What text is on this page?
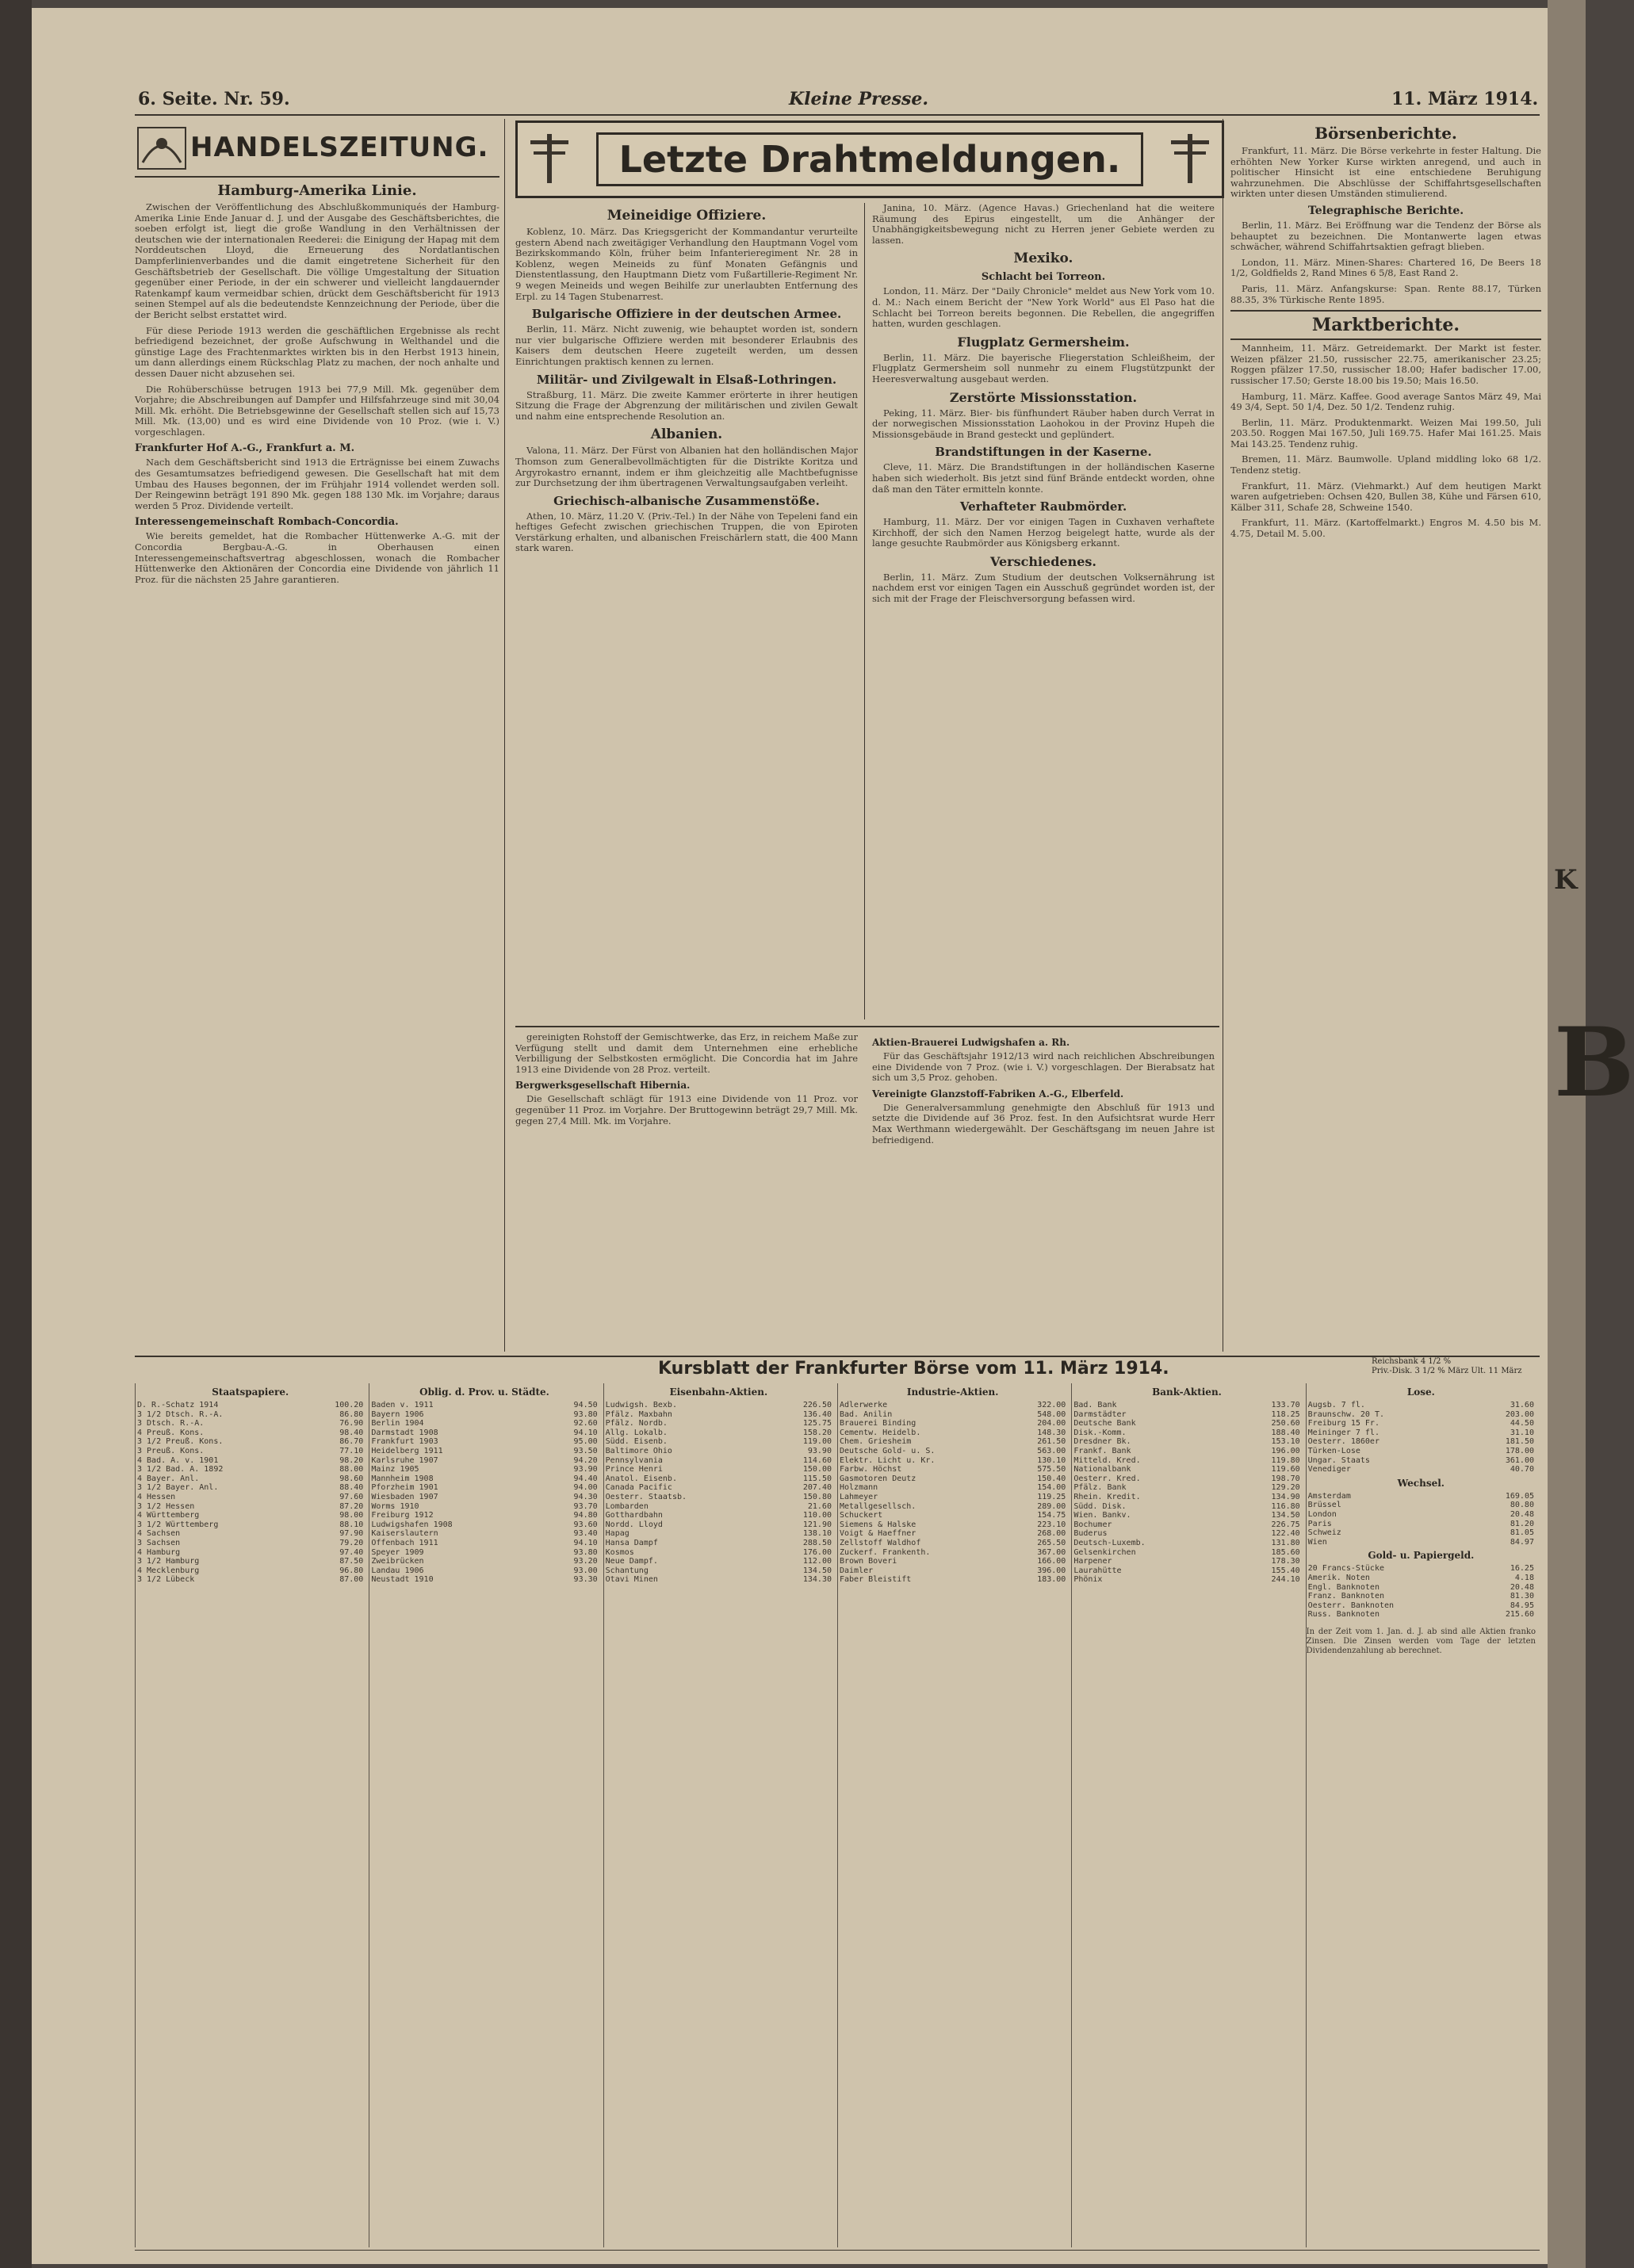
K
B
6. Seite. Nr. 59.	Kleine Presse.	11. März 1914.
HANDELSZEITUNG.
Hamburg-Amerika Linie.

Zwischen der Veröffentlichung des Abschlußkommuniqués der Hamburg-Amerika Linie Ende Januar d. J. und der Ausgabe des Geschäftsberichtes, die soeben erfolgt ist, liegt die große Wandlung in den Verhältnissen der deutschen wie der internationalen Reederei: die Einigung der Hapag mit dem Norddeutschen Lloyd, die Erneuerung des Nordatlantischen Dampferlinienverbandes und die damit eingetretene Sicherheit für den Geschäftsbetrieb der Gesellschaft. Die völlige Umgestaltung der Situation gegenüber einer Periode, in der ein schwerer und vielleicht langdauernder Ratenkampf kaum vermeidbar schien, drückt dem Geschäftsbericht für 1913 seinen Stempel auf als die bedeutendste Kennzeichnung der Periode, über die der Bericht selbst erstattet wird.

Für diese Periode 1913 werden die geschäftlichen Ergebnisse als recht befriedigend bezeichnet, der große Aufschwung in Welthandel und die günstige Lage des Frachtenmarktes wirkten bis in den Herbst 1913 hinein, um dann allerdings einem Rückschlag Platz zu machen, der noch anhalte und dessen Dauer nicht abzusehen sei.

Die Rohüberschüsse betrugen 1913 bei 77,9 Mill. Mk. gegenüber dem Vorjahre; die Abschreibungen auf Dampfer und Hilfsfahrzeuge sind mit 30,04 Mill. Mk. erhöht. Die Betriebsgewinne der Gesellschaft stellen sich auf 15,73 Mill. Mk. (13,00) und es wird eine Dividende von 10 Proz. (wie i. V.) vorgeschlagen.

Frankfurter Hof A.-G., Frankfurt a. M.

Nach dem Geschäftsbericht sind 1913 die Erträgnisse bei einem Zuwachs des Gesamtumsatzes befriedigend gewesen. Die Gesellschaft hat mit dem Umbau des Hauses begonnen, der im Frühjahr 1914 vollendet werden soll. Der Reingewinn beträgt 191 890 Mk. gegen 188 130 Mk. im Vorjahre; daraus werden 5 Proz. Dividende verteilt.

Interessengemeinschaft Rombach-Concordia.

Wie bereits gemeldet, hat die Rombacher Hüttenwerke A.-G. mit der Concordia Bergbau-A.-G. in Oberhausen einen Interessengemeinschaftsvertrag abgeschlossen, wonach die Rombacher Hüttenwerke den Aktionären der Concordia eine Dividende von jährlich 11 Proz. für die nächsten 25 Jahre garantieren.

Letzte Drahtmeldungen.
Meineidige Offiziere.

Koblenz, 10. März. Das Kriegsgericht der Kommandantur verurteilte gestern Abend nach zweitägiger Verhandlung den Hauptmann Vogel vom Bezirkskommando Köln, früher beim Infanterieregiment Nr. 28 in Koblenz, wegen Meineids zu fünf Monaten Gefängnis und Dienstentlassung, den Hauptmann Dietz vom Fußartillerie-Regiment Nr. 9 wegen Meineids und wegen Beihilfe zur unerlaubten Entfernung des Erpl. zu 14 Tagen Stubenarrest.

Bulgarische Offiziere in der deutschen Armee.

Berlin, 11. März. Nicht zuwenig, wie behauptet worden ist, sondern nur vier bulgarische Offiziere werden mit besonderer Erlaubnis des Kaisers dem deutschen Heere zugeteilt werden, um dessen Einrichtungen praktisch kennen zu lernen.

Militär- und Zivilgewalt in Elsaß-Lothringen.

Straßburg, 11. März. Die zweite Kammer erörterte in ihrer heutigen Sitzung die Frage der Abgrenzung der militärischen und zivilen Gewalt und nahm eine entsprechende Resolution an.

Albanien.

Valona, 11. März. Der Fürst von Albanien hat den holländischen Major Thomson zum Generalbevollmächtigten für die Distrikte Koritza und Argyrokastro ernannt, indem er ihm gleichzeitig alle Machtbefugnisse zur Durchsetzung der ihm übertragenen Verwaltungsaufgaben verleiht.

Griechisch-albanische Zusammenstöße.

Athen, 10. März, 11.20 V. (Priv.-Tel.) In der Nähe von Tepeleni fand ein heftiges Gefecht zwischen griechischen Truppen, die von Epiroten Verstärkung erhalten, und albanischen Freischärlern statt, die 400 Mann stark waren.

Janina, 10. März. (Agence Havas.) Griechenland hat die weitere Räumung des Epirus eingestellt, um die Anhänger der Unabhängigkeitsbewegung nicht zu Herren jener Gebiete werden zu lassen.

Mexiko.
Schlacht bei Torreon.

London, 11. März. Der "Daily Chronicle" meldet aus New York vom 10. d. M.: Nach einem Bericht der "New York World" aus El Paso hat die Schlacht bei Torreon bereits begonnen. Die Rebellen, die angegriffen hatten, wurden geschlagen.

Flugplatz Germersheim.

Berlin, 11. März. Die bayerische Fliegerstation Schleißheim, der Flugplatz Germersheim soll nunmehr zu einem Flugstützpunkt der Heeresverwaltung ausgebaut werden.

Zerstörte Missionsstation.

Peking, 11. März. Bier- bis fünfhundert Räuber haben durch Verrat in der norwegischen Missionsstation Laohokou in der Provinz Hupeh die Missionsgebäude in Brand gesteckt und geplündert.

Brandstiftungen in der Kaserne.

Cleve, 11. März. Die Brandstiftungen in der holländischen Kaserne haben sich wiederholt. Bis jetzt sind fünf Brände entdeckt worden, ohne daß man den Täter ermitteln konnte.

Verhafteter Raubmörder.

Hamburg, 11. März. Der vor einigen Tagen in Cuxhaven verhaftete Kirchhoff, der sich den Namen Herzog beigelegt hatte, wurde als der lange gesuchte Raubmörder aus Königsberg erkannt.

Verschiedenes.

Berlin, 11. März. Zum Studium der deutschen Volksernährung ist nachdem erst vor einigen Tagen ein Ausschuß gegründet worden ist, der sich mit der Frage der Fleischversorgung befassen wird.

gereinigten Rohstoff der Gemischtwerke, das Erz, in reichem Maße zur Verfügung stellt und damit dem Unternehmen eine erhebliche Verbilligung der Selbstkosten ermöglicht. Die Concordia hat im Jahre 1913 eine Dividende von 28 Proz. verteilt.

Bergwerksgesellschaft Hibernia.

Die Gesellschaft schlägt für 1913 eine Dividende von 11 Proz. vor gegenüber 11 Proz. im Vorjahre. Der Bruttogewinn beträgt 29,7 Mill. Mk. gegen 27,4 Mill. Mk. im Vorjahre.

Aktien-Brauerei Ludwigshafen a. Rh.

Für das Geschäftsjahr 1912/13 wird nach reichlichen Abschreibungen eine Dividende von 7 Proz. (wie i. V.) vorgeschlagen. Der Bierabsatz hat sich um 3,5 Proz. gehoben.

Vereinigte Glanzstoff-Fabriken A.-G., Elberfeld.

Die Generalversammlung genehmigte den Abschluß für 1913 und setzte die Dividende auf 36 Proz. fest. In den Aufsichtsrat wurde Herr Max Werthmann wiedergewählt. Der Geschäftsgang im neuen Jahre ist befriedigend.

Börsenberichte.

Frankfurt, 11. März. Die Börse verkehrte in fester Haltung. Die erhöhten New Yorker Kurse wirkten anregend, und auch in politischer Hinsicht ist eine entschiedene Beruhigung wahrzunehmen. Die Abschlüsse der Schiffahrtsgesellschaften wirkten unter diesen Umständen stimulierend.

Telegraphische Berichte.

Berlin, 11. März. Bei Eröffnung war die Tendenz der Börse als behauptet zu bezeichnen. Die Montanwerte lagen etwas schwächer, während Schiffahrtsaktien gefragt blieben.

London, 11. März. Minen-Shares: Chartered 16, De Beers 18 1/2, Goldfields 2, Rand Mines 6 5/8, East Rand 2.

Paris, 11. März. Anfangskurse: Span. Rente 88.17, Türken 88.35, 3% Türkische Rente 1895.

Marktberichte.

Mannheim, 11. März. Getreidemarkt. Der Markt ist fester. Weizen pfälzer 21.50, russischer 22.75, amerikanischer 23.25; Roggen pfälzer 17.50, russischer 18.00; Hafer badischer 17.00, russischer 17.50; Gerste 18.00 bis 19.50; Mais 16.50.

Hamburg, 11. März. Kaffee. Good average Santos März 49, Mai 49 3/4, Sept. 50 1/4, Dez. 50 1/2. Tendenz ruhig.

Berlin, 11. März. Produktenmarkt. Weizen Mai 199.50, Juli 203.50. Roggen Mai 167.50, Juli 169.75. Hafer Mai 161.25. Mais Mai 143.25. Tendenz ruhig.

Bremen, 11. März. Baumwolle. Upland middling loko 68 1/2. Tendenz stetig.

Frankfurt, 11. März. (Viehmarkt.) Auf dem heutigen Markt waren aufgetrieben: Ochsen 420, Bullen 38, Kühe und Färsen 610, Kälber 311, Schafe 28, Schweine 1540.

Frankfurt, 11. März. (Kartoffelmarkt.) Engros M. 4.50 bis M. 4.75, Detail M. 5.00.

Kursblatt der Frankfurter Börse vom 11. März 1914.	Reichsbank 4 1/2 %
Priv.-Disk. 3 1/2 % März Ult. 11 März
Staatspapiere.
D. R.-Schatz 1914	100.20
3 1/2 Dtsch. R.-A.	86.80
3 Dtsch. R.-A.	76.90
4 Preuß. Kons.	98.40
3 1/2 Preuß. Kons.	86.70
3 Preuß. Kons.	77.10
4 Bad. A. v. 1901	98.20
3 1/2 Bad. A. 1892	88.00
4 Bayer. Anl.	98.60
3 1/2 Bayer. Anl.	88.40
4 Hessen	97.60
3 1/2 Hessen	87.20
4 Württemberg	98.00
3 1/2 Württemberg	88.10
4 Sachsen	97.90
3 Sachsen	79.20
4 Hamburg	97.40
3 1/2 Hamburg	87.50
4 Mecklenburg	96.80
3 1/2 Lübeck	87.00
Oblig. d. Prov. u. Städte.
Baden v. 1911	94.50
Bayern 1906	93.80
Berlin 1904	92.60
Darmstadt 1908	94.10
Frankfurt 1903	95.00
Heidelberg 1911	93.50
Karlsruhe 1907	94.20
Mainz 1905	93.90
Mannheim 1908	94.40
Pforzheim 1901	94.00
Wiesbaden 1907	94.30
Worms 1910	93.70
Freiburg 1912	94.80
Ludwigshafen 1908	93.60
Kaiserslautern	93.40
Offenbach 1911	94.10
Speyer 1909	93.80
Zweibrücken	93.20
Landau 1906	93.00
Neustadt 1910	93.30
Eisenbahn-Aktien.
Ludwigsh. Bexb.	226.50
Pfälz. Maxbahn	136.40
Pfälz. Nordb.	125.75
Allg. Lokalb.	158.20
Südd. Eisenb.	119.00
Baltimore Ohio	93.90
Pennsylvania	114.60
Prince Henri	150.00
Anatol. Eisenb.	115.50
Canada Pacific	207.40
Oesterr. Staatsb.	150.80
Lombarden	21.60
Gotthardbahn	110.00
Nordd. Lloyd	121.90
Hapag	138.10
Hansa Dampf	288.50
Kosmos	176.00
Neue Dampf.	112.00
Schantung	134.50
Otavi Minen	134.30
Industrie-Aktien.
Adlerwerke	322.00
Bad. Anilin	548.00
Brauerei Binding	204.00
Cementw. Heidelb.	148.30
Chem. Griesheim	261.50
Deutsche Gold- u. S.	563.00
Elektr. Licht u. Kr.	130.10
Farbw. Höchst	575.50
Gasmotoren Deutz	150.40
Holzmann	154.00
Lahmeyer	119.25
Metallgesellsch.	289.00
Schuckert	154.75
Siemens & Halske	223.10
Voigt & Haeffner	268.00
Zellstoff Waldhof	265.50
Zuckerf. Frankenth.	367.00
Brown Boveri	166.00
Daimler	396.00
Faber Bleistift	183.00
Bank-Aktien.
Bad. Bank	133.70
Darmstädter	118.25
Deutsche Bank	250.60
Disk.-Komm.	188.40
Dresdner Bk.	153.10
Frankf. Bank	196.00
Mitteld. Kred.	119.80
Nationalbank	119.60
Oesterr. Kred.	198.70
Pfälz. Bank	129.20
Rhein. Kredit.	134.90
Südd. Disk.	116.80
Wien. Bankv.	134.50
Bochumer	226.75
Buderus	122.40
Deutsch-Luxemb.	131.80
Gelsenkirchen	185.60
Harpener	178.30
Laurahütte	155.40
Phönix	244.10
Lose.
Augsb. 7 fl.	31.60
Braunschw. 20 T.	203.00
Freiburg 15 Fr.	44.50
Meininger 7 fl.	31.10
Oesterr. 1860er	181.50
Türken-Lose	178.00
Ungar. Staats	361.00
Venediger	40.70
Wechsel.
Amsterdam	169.05
Brüssel	80.80
London	20.48
Paris	81.20
Schweiz	81.05
Wien	84.97
Gold- u. Papiergeld.
20 Francs-Stücke	16.25
Amerik. Noten	4.18
Engl. Banknoten	20.48
Franz. Banknoten	81.30
Oesterr. Banknoten	84.95
Russ. Banknoten	215.60
In der Zeit vom 1. Jan. d. J. ab sind alle Aktien franko Zinsen. Die Zinsen werden vom Tage der letzten Dividendenzahlung ab berechnet.
